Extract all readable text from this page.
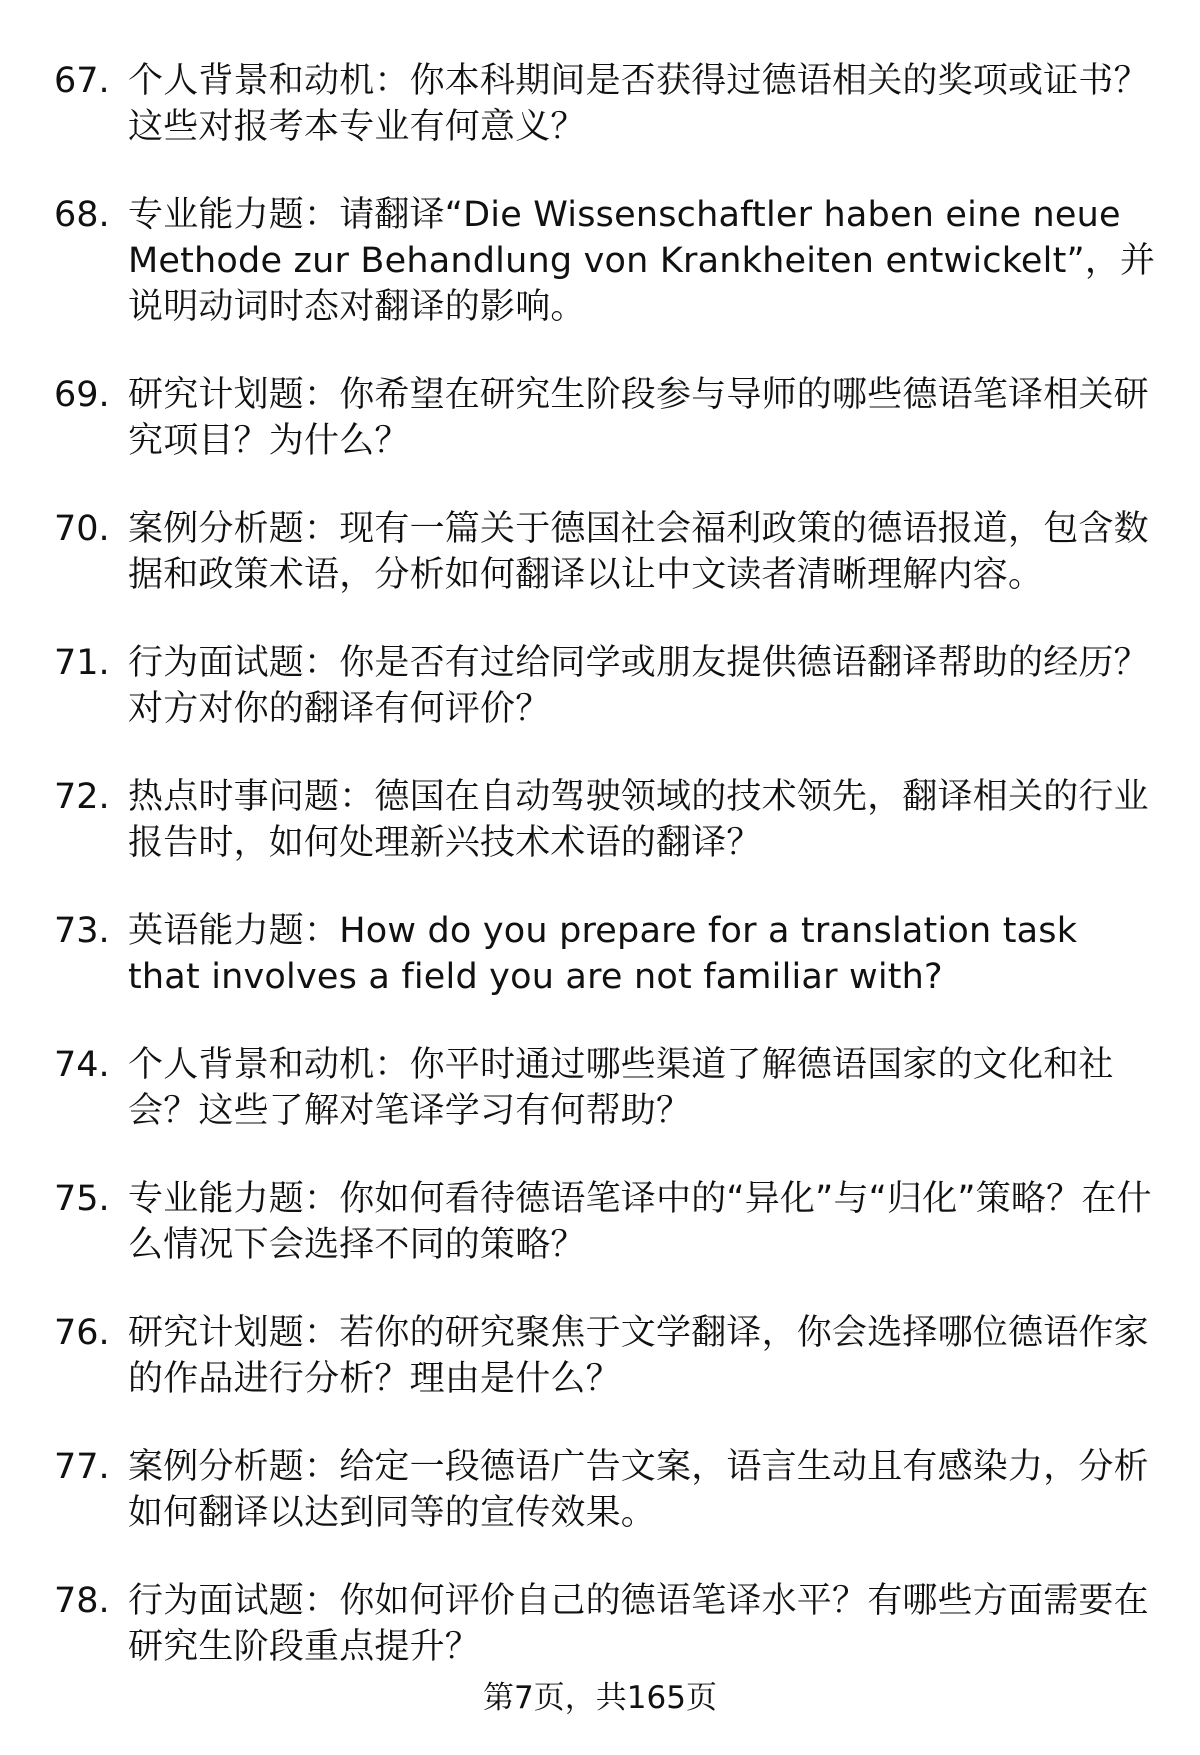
67. 个人背景和动机：你本科期间是否获得过德语相关的奖项或证书？这些对报考本专业有何意义？
68. 专业能力题：请翻译“Die Wissenschaftler haben eine neue Methode zur Behandlung von Krankheiten entwickelt”，并说明动词时态对翻译的影响。
69. 研究计划题：你希望在研究生阶段参与导师的哪些德语笔译相关研究项目？为什么？
70. 案例分析题：现有一篇关于德国社会福利政策的德语报道，包含数据和政策术语，分析如何翻译以让中文读者清晰理解内容。
71. 行为面试题：你是否有过给同学或朋友提供德语翻译帮助的经历？对方对你的翻译有何评价？
72. 热点时事问题：德国在自动驾驶领域的技术领先，翻译相关的行业报告时，如何处理新兴技术术语的翻译？
73. 英语能力题：How do you prepare for a translation task that involves a field you are not familiar with?
74. 个人背景和动机：你平时通过哪些渠道了解德语国家的文化和社会？这些了解对笔译学习有何帮助？
75. 专业能力题：你如何看待德语笔译中的“异化”与“归化”策略？在什么情况下会选择不同的策略？
76. 研究计划题：若你的研究聚焦于文学翻译，你会选择哪位德语作家的作品进行分析？理由是什么？
77. 案例分析题：给定一段德语广告文案，语言生动且有感染力，分析如何翻译以达到同等的宣传效果。
78. 行为面试题：你如何评价自己的德语笔译水平？有哪些方面需要在研究生阶段重点提升？
第7页，共165页
